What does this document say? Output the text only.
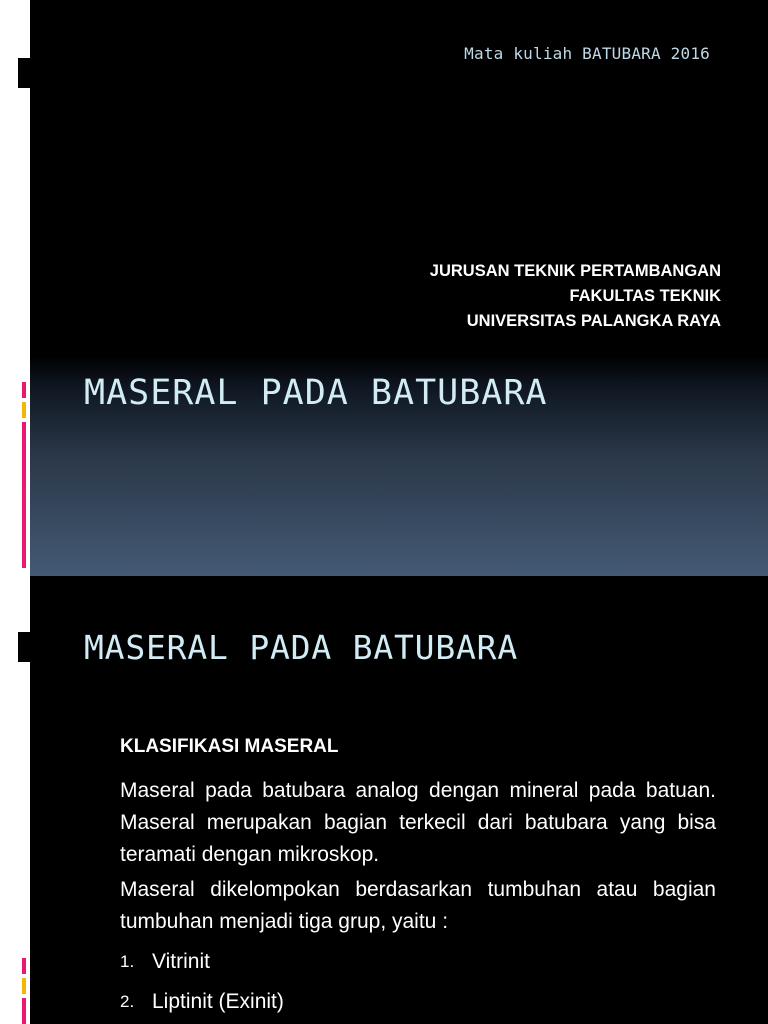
Mata kuliah BATUBARA 2016
JURUSAN TEKNIK PERTAMBANGAN
FAKULTAS TEKNIK
UNIVERSITAS PALANGKA RAYA
MASERAL PADA BATUBARA
MASERAL PADA BATUBARA
KLASIFIKASI MASERAL
Maseral pada batubara analog dengan mineral pada batuan. Maseral merupakan bagian terkecil dari batubara yang bisa teramati dengan mikroskop.
Maseral dikelompokan berdasarkan tumbuhan atau bagian tumbuhan menjadi tiga grup, yaitu :
1. Vitrinit
2. Liptinit (Exinit)
